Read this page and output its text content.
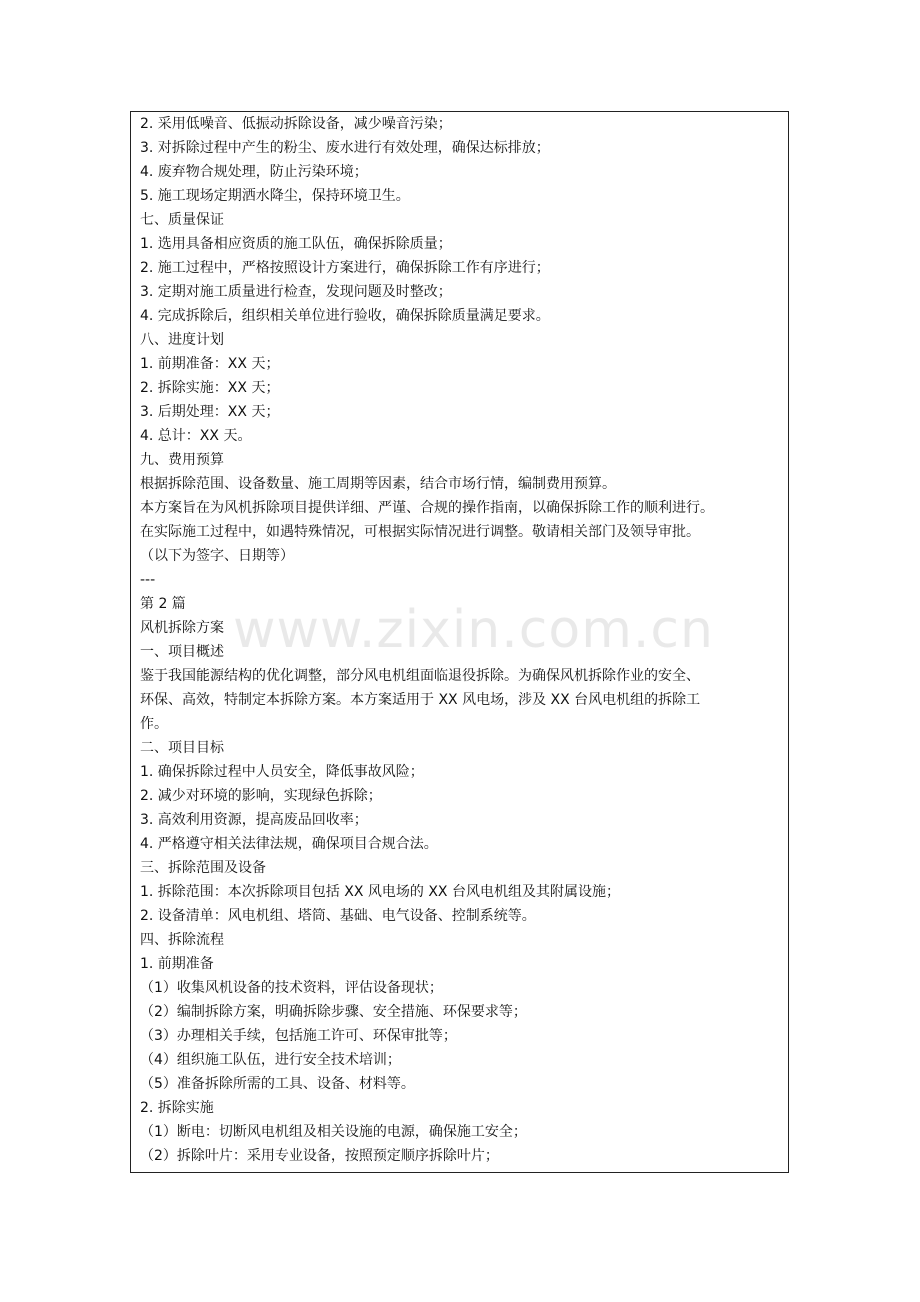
2. 采用低噪音、低振动拆除设备，减少噪音污染；
3. 对拆除过程中产生的粉尘、废水进行有效处理，确保达标排放；
4. 废弃物合规处理，防止污染环境；
5. 施工现场定期洒水降尘，保持环境卫生。
七、质量保证
1. 选用具备相应资质的施工队伍，确保拆除质量；
2. 施工过程中，严格按照设计方案进行，确保拆除工作有序进行；
3. 定期对施工质量进行检查，发现问题及时整改；
4. 完成拆除后，组织相关单位进行验收，确保拆除质量满足要求。
八、进度计划
1. 前期准备：XX 天；
2. 拆除实施：XX 天；
3. 后期处理：XX 天；
4. 总计：XX 天。
九、费用预算
根据拆除范围、设备数量、施工周期等因素，结合市场行情，编制费用预算。
本方案旨在为风机拆除项目提供详细、严谨、合规的操作指南，以确保拆除工作的顺利进行。
在实际施工过程中，如遇特殊情况，可根据实际情况进行调整。敬请相关部门及领导审批。
（以下为签字、日期等）
---
第 2 篇
风机拆除方案
一、项目概述
鉴于我国能源结构的优化调整，部分风电机组面临退役拆除。为确保风机拆除作业的安全、
环保、高效，特制定本拆除方案。本方案适用于 XX 风电场，涉及 XX 台风电机组的拆除工
作。
二、项目目标
1. 确保拆除过程中人员安全，降低事故风险；
2. 减少对环境的影响，实现绿色拆除；
3. 高效利用资源，提高废品回收率；
4. 严格遵守相关法律法规，确保项目合规合法。
三、拆除范围及设备
1. 拆除范围：本次拆除项目包括 XX 风电场的 XX 台风电机组及其附属设施；
2. 设备清单：风电机组、塔筒、基础、电气设备、控制系统等。
四、拆除流程
1. 前期准备
（1）收集风机设备的技术资料，评估设备现状；
（2）编制拆除方案，明确拆除步骤、安全措施、环保要求等；
（3）办理相关手续，包括施工许可、环保审批等；
（4）组织施工队伍，进行安全技术培训；
（5）准备拆除所需的工具、设备、材料等。
2. 拆除实施
（1）断电：切断风电机组及相关设施的电源，确保施工安全；
（2）拆除叶片：采用专业设备，按照预定顺序拆除叶片；
www.zixin.com.cn
